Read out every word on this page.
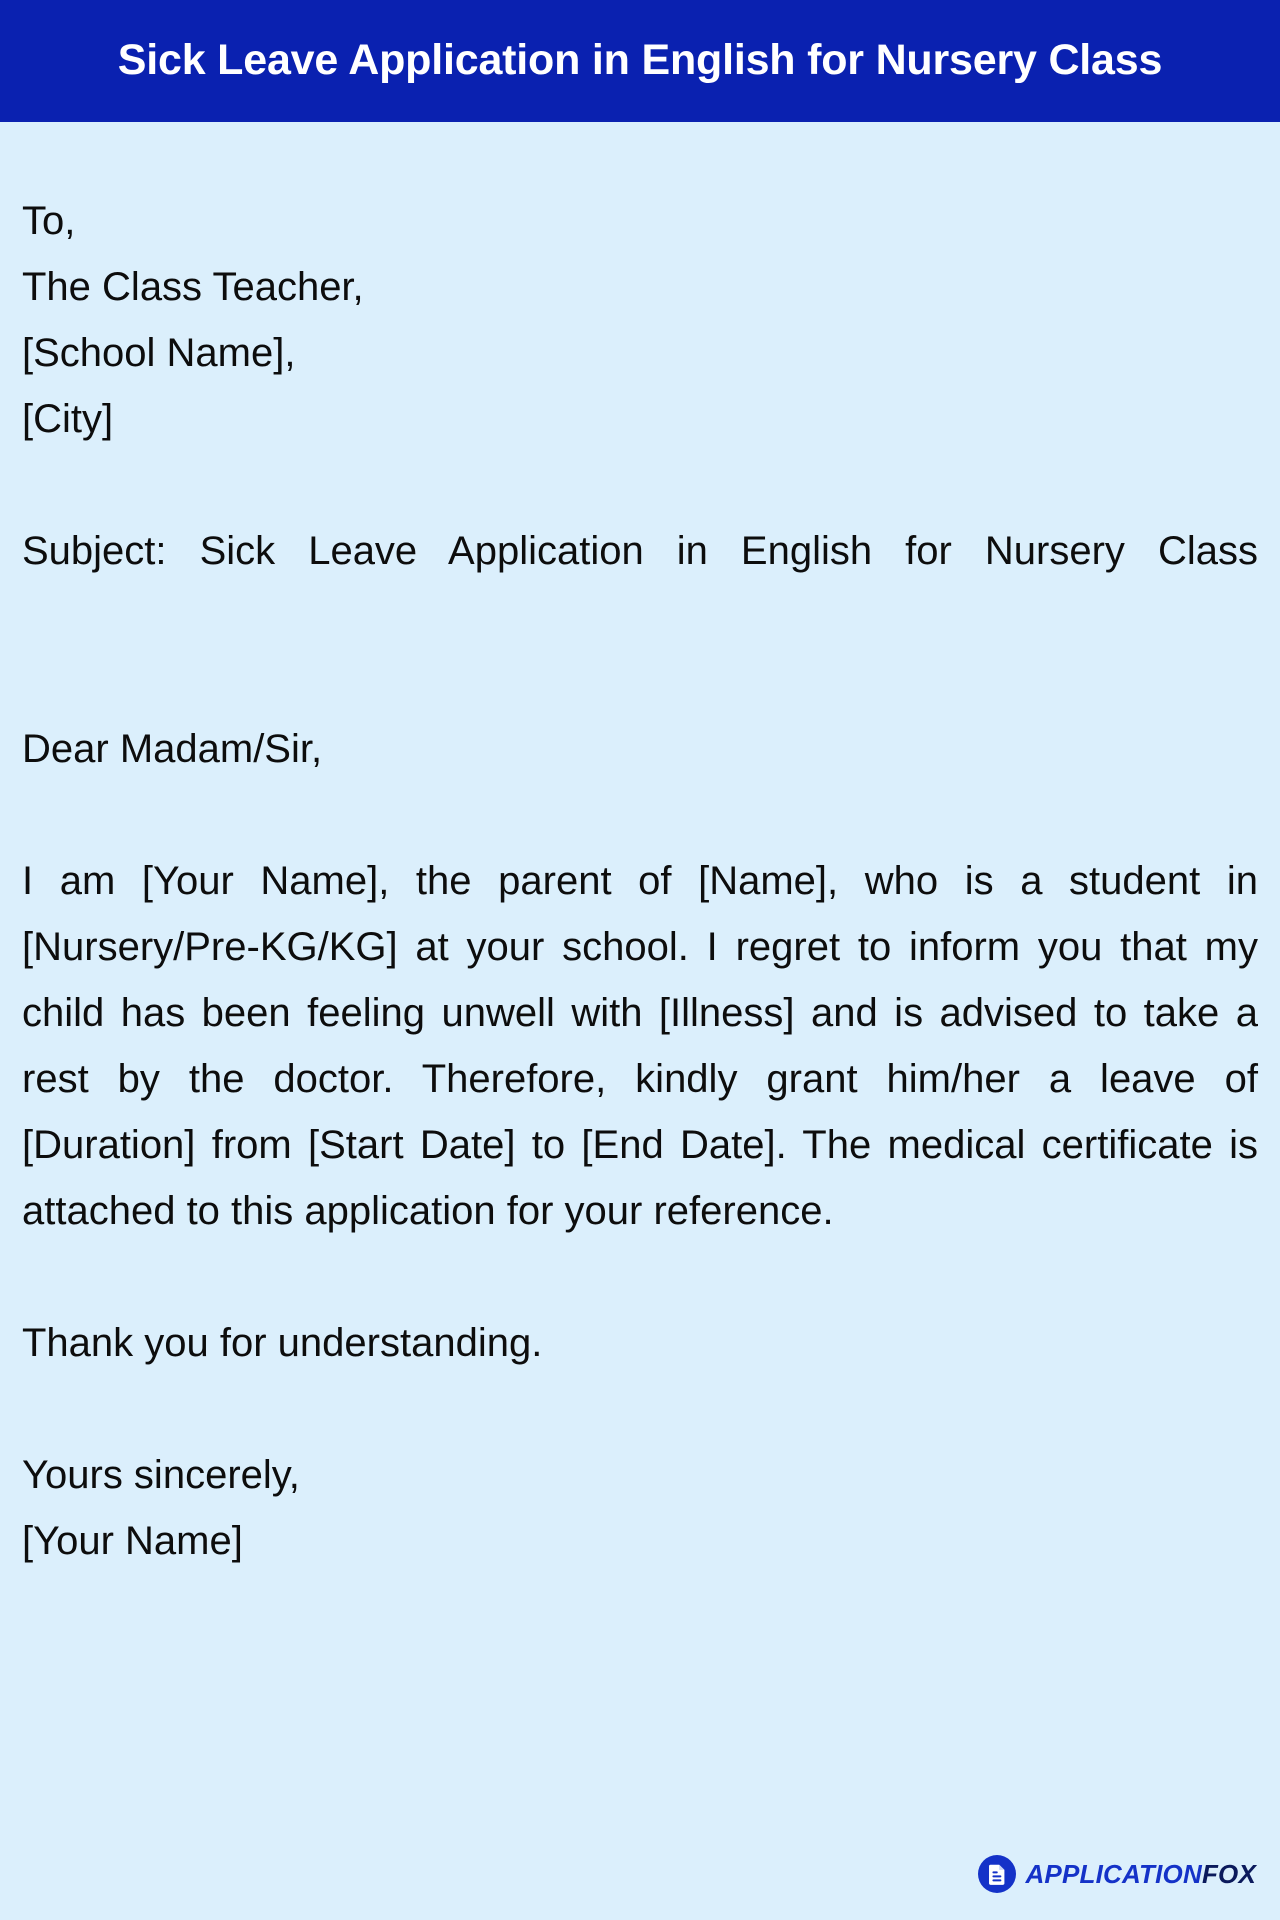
Sick Leave Application in English for Nursery Class
To,
The Class Teacher,
[School Name],
[City]
Subject: Sick Leave Application in English for Nursery Class
Dear Madam/Sir,
I am [Your Name], the parent of [Name], who is a student in [Nursery/Pre-KG/KG] at your school. I regret to inform you that my child has been feeling unwell with [Illness] and is advised to take a rest by the doctor. Therefore, kindly grant him/her a leave of [Duration] from [Start Date] to [End Date]. The medical certificate is attached to this application for your reference.
Thank you for understanding.
Yours sincerely,
[Your Name]
APPLICATIONFOX
